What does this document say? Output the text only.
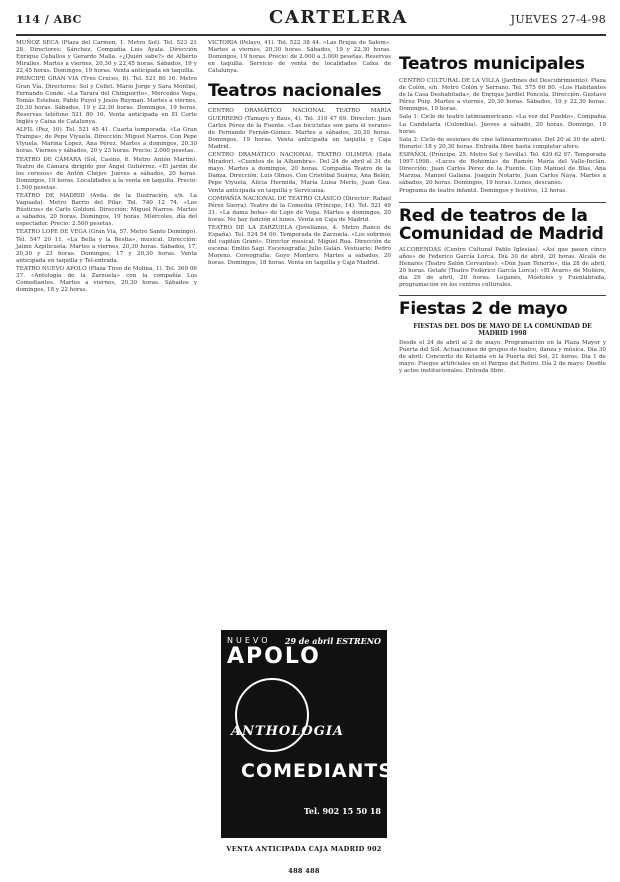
114 / ABC	CARTELERA	JUEVES 27-4-98

MUÑOZ SECA (Plaza del Carmen, 1. Metro Sol). Tel. 523 21 28. Directores: Sánchez. Compañía Luis Ayala. Dirección Enrique Ceballos y Gerardo Malla. «¿Quién sabe?» de Alberto Miralles. Martes a viernes, 20,30 y 22,45 horas. Sábados, 19 y 22,45 horas. Domingos, 19 horas. Venta anticipada en taquilla.

PRINCIPE GRAN VIA (Tres Cruces, 8). Tel. 521 80 16. Metro Gran Vía. Directores: Sol y Collet. Mario Jorge y Sara Montiel, Fernando Conde. «La Tarara del Chinguirito», Mercedes Vega, Tomás Esteban, Pablo Puyol y Jesús Ruyman. Martes a viernes, 20,30 horas. Sábados, 19 y 22,30 horas. Domingos, 19 horas. Reservas teléfono 521 80 16. Venta anticipada en El Corte Inglés y Caixa de Catalunya.

ALFIL (Pez, 10). Tel. 521 45 41. Cuarta temporada. «La Gran Trampa», de Pepe Viyuela. Dirección: Miguel Narros. Con Pepe Viyuela, Marina Lopez, Ana Pérez. Martes a domingos, 20,30 horas. Viernes y sábados, 20 y 23 horas. Precio: 2.000 pesetas.

TEATRO DE CÁMARA (Sol, Casino, 8. Metro Antón Martín). Teatro de Cámara dirigido por Ángel Gutiérrez. «El jardín de los cerezos» de Antón Chéjov. Jueves a sábados, 20 horas. Domingos, 19 horas. Localidades a la venta en taquilla. Precio: 1.500 pesetas.

TEATRO DE MADRID (Avda. de la Ilustración, s/n. La Vaguada). Metro Barrio del Pilar. Tel. 740 12 74. «Los Rústicos» de Carlo Goldoni. Dirección: Miguel Narros. Martes a sábados, 20 horas. Domingos, 19 horas. Miércoles, día del espectador. Precio: 2.500 pesetas.

TEATRO LOPE DE VEGA (Gran Vía, 57. Metro Santo Domingo). Tel. 547 20 11. «La Bella y la Bestia», musical. Dirección: Jaime Azpilicueta. Martes a viernes, 20,30 horas. Sábados, 17, 20,30 y 23 horas. Domingos, 17 y 20,30 horas. Venta anticipada en taquilla y Tel-entrada.

TEATRO NUEVO APOLO (Plaza Tirso de Molina, 1). Tel. 369 06 37. «Antología de la Zarzuela» con la compañía Los Comediantes. Martes a viernes, 20,30 horas. Sábados y domingos, 18 y 22 horas.

VICTORIA (Pelayo, 41). Tel. 522 38 44. «Las Brujas de Salem». Martes a viernes, 20,30 horas. Sábados, 19 y 22,30 horas. Domingos, 19 horas. Precio: de 2.000 a 3.000 pesetas. Reservas en taquilla. Servicio de venta de localidades Caixa de Catalunya.

Teatros nacionales

CENTRO DRAMÁTICO NACIONAL TEATRO MARÍA GUERRERO (Tamayo y Baus, 4). Tel. 319 47 69. Director: Juan Carlos Pérez de la Fuente. «Las bicicletas son para el verano» de Fernando Fernán-Gómez. Martes a sábados, 20,30 horas. Domingos, 19 horas. Venta anticipada en taquilla y Caja Madrid.

CENTRO DRAMÁTICO NACIONAL TEATRO OLIMPIA (Sala Mirador). «Cuentos de la Alhambra». Del 24 de abril al 31 de mayo. Martes a domingos, 20 horas. Compañía Teatro de la Danza. Dirección: Luis Olmos. Con Cristóbal Suárez, Ana Belén, Pepe Viyuela, Alicia Hermida, María Luisa Merlo, Juan Gea. Venta anticipada en taquilla y Servicaixa.

COMPAÑÍA NACIONAL DE TEATRO CLÁSICO (Director: Rafael Pérez Sierra). Teatro de la Comedia (Príncipe, 14). Tel. 521 49 31. «La dama boba» de Lope de Vega. Martes a domingos, 20 horas. No hay función el lunes. Venta en Caja de Madrid.

TEATRO DE LA ZARZUELA (Jovellanos, 4. Metro Banco de España). Tel. 524 54 00. Temporada de Zarzuela. «Los sobrinos del capitán Grant». Director musical: Miguel Roa. Dirección de escena: Emilio Sagi. Escenografía: Julio Galán. Vestuario: Pedro Moreno. Coreografía: Goyo Montero. Martes a sábados, 20 horas. Domingos, 18 horas. Venta en taquilla y Caja Madrid.

NUEVO 29 de abril ESTRENO
APOLO
ANTHOLOGIA
COMEDIANTS
Tel. 902 15 50 18
VENTA ANTICIPADA CAJA MADRID 902 488 488
Teatros municipales

CENTRO CULTURAL DE LA VILLA (Jardines del Descubrimiento). Plaza de Colón, s/n. Metro Colón y Serrano. Tel. 575 60 80. «Los Habitantes de la Casa Deshabitada», de Enrique Jardiel Poncela. Dirección: Gustavo Pérez Puig. Martes a viernes, 20,30 horas. Sábados, 19 y 22,30 horas. Domingos, 19 horas.

Sala 1: Ciclo de teatro latinoamericano. «La voz del Pueblo», Compañía La Candelaria (Colombia). Jueves a sábado, 20 horas. Domingo, 19 horas.

Sala 2: Ciclo de sesiones de cine latinoamericano. Del 20 al 30 de abril. Horario: 18 y 20,30 horas. Entrada libre hasta completar aforo.

ESPAÑOL (Príncipe, 25. Metro Sol y Sevilla). Tel. 429 62 97. Temporada 1997-1998. «Luces de Bohemia» de Ramón María del Valle-Inclán. Dirección: Juan Carlos Pérez de la Fuente. Con Manuel de Blas, Ana Marzoa, Manuel Galiana, Joaquín Notario, Juan Carlos Naya. Martes a sábados, 20 horas. Domingos, 19 horas. Lunes, descanso.

Programa de teatro infantil. Domingos y festivos, 12 horas.

Red de teatros de la Comunidad de Madrid

ALCOBENDAS (Centro Cultural Pablo Iglesias). «Así que pasen cinco años» de Federico García Lorca. Día 30 de abril, 20 horas. Alcalá de Henares (Teatro Salón Cervantes): «Don Juan Tenorio», día 28 de abril, 20 horas. Getafe (Teatro Federico García Lorca): «El Avaro» de Molière, día 29 de abril, 20 horas. Leganés, Móstoles y Fuenlabrada, programación en los centros culturales.

Fiestas 2 de mayo
FIESTAS DEL DOS DE MAYO DE LA COMUNIDAD DE MADRID 1998

Desde el 24 de abril al 2 de mayo. Programación en la Plaza Mayor y Puerta del Sol. Actuaciones de grupos de teatro, danza y música. Día 30 de abril: Concierto de Ketama en la Puerta del Sol, 21 horas. Día 1 de mayo: Fuegos artificiales en el Parque del Retiro. Día 2 de mayo: Desfile y actos institucionales. Entrada libre.
